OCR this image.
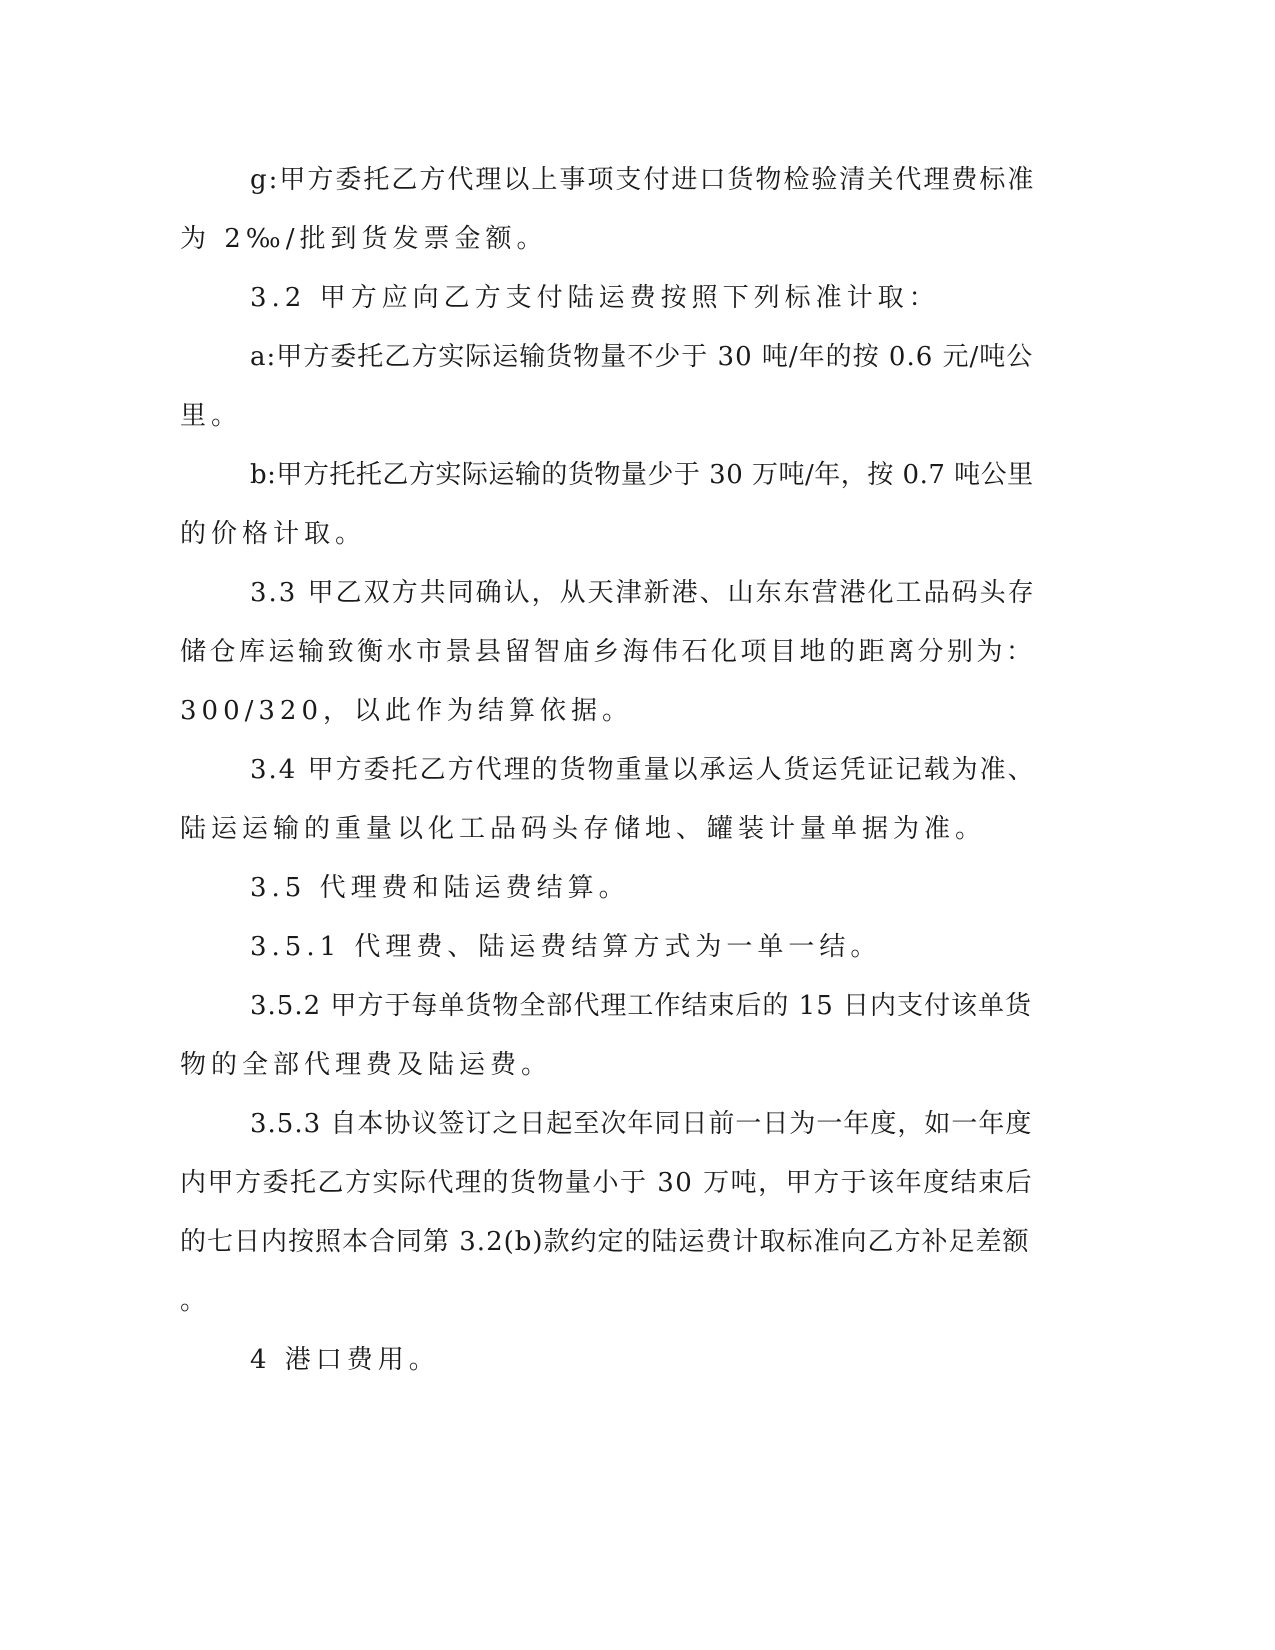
g:甲方委托乙方代理以上事项支付进口货物检验清关代理费标准
为 2‰/批到货发票金额。
3.2 甲方应向乙方支付陆运费按照下列标准计取：
a:甲方委托乙方实际运输货物量不少于 30 吨/年的按 0.6 元/吨公
里。
b:甲方托托乙方实际运输的货物量少于 30 万吨/年，按 0.7 吨公里
的价格计取。
3.3 甲乙双方共同确认，从天津新港、山东东营港化工品码头存
储仓库运输致衡水市景县留智庙乡海伟石化项目地的距离分别为：
300/320，以此作为结算依据。
3.4 甲方委托乙方代理的货物重量以承运人货运凭证记载为准、
陆运运输的重量以化工品码头存储地、罐装计量单据为准。
3.5 代理费和陆运费结算。
3.5.1 代理费、陆运费结算方式为一单一结。
3.5.2 甲方于每单货物全部代理工作结束后的 15 日内支付该单货
物的全部代理费及陆运费。
3.5.3 自本协议签订之日起至次年同日前一日为一年度，如一年度
内甲方委托乙方实际代理的货物量小于 30 万吨，甲方于该年度结束后
的七日内按照本合同第 3.2(b)款约定的陆运费计取标准向乙方补足差额
。
4 港口费用。
